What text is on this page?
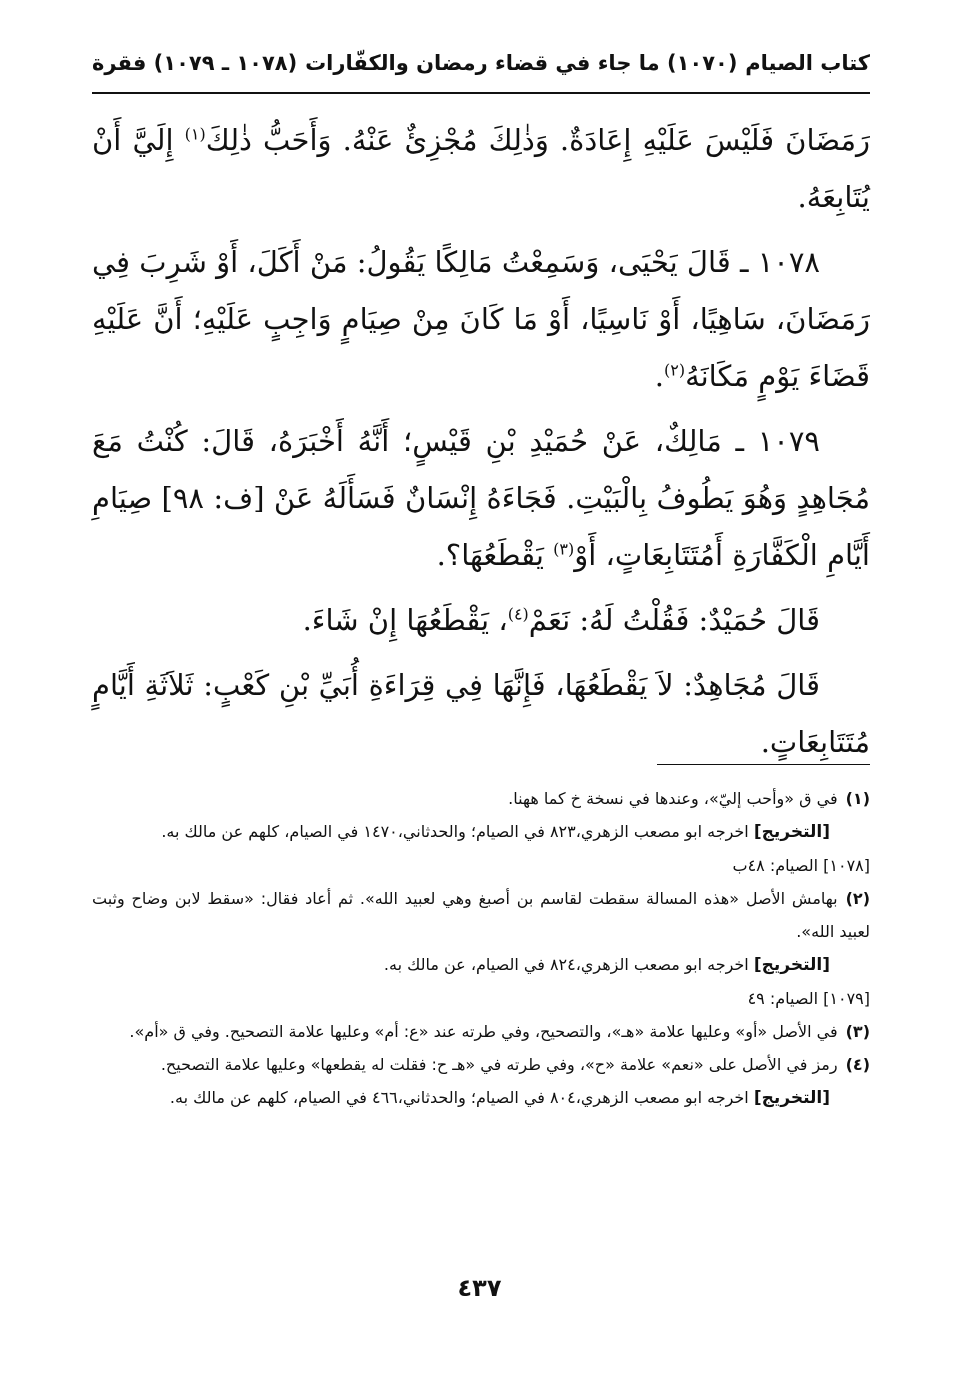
كتاب الصيام
(١٠٧٠) ما جاء في قضاء رمضان والكفّارات
(١٠٧٨ ـ ١٠٧٩) فقرة

رَمَضَانَ فَلَيْسَ عَلَيْهِ إِعَادَةٌ. وَذٰلِكَ مُجْزِئٌ عَنْهُ. وَأَحَبُّ ذٰلِكَ$^{(١)}$ إِلَيَّ أَنْ يُتَابِعَهُ.

١٠٧٨ ـ قَالَ يَحْيَى، وَسَمِعْتُ مَالِكًا يَقُولُ: مَنْ أَكَلَ، أَوْ شَرِبَ فِي رَمَضَانَ، سَاهِيًا، أَوْ نَاسِيًا، أَوْ مَا كَانَ مِنْ صِيَامٍ وَاجِبٍ عَلَيْهِ؛ أَنَّ عَلَيْهِ قَضَاءَ يَوْمٍ مَكَانَهُ$^{(٢)}$.

١٠٧٩ ـ مَالِكٌ، عَنْ حُمَيْدِ بْنِ قَيْسٍ؛ أَنَّهُ أَخْبَرَهُ، قَالَ: كُنْتُ مَعَ مُجَاهِدٍ وَهُوَ يَطُوفُ بِالْبَيْتِ. فَجَاءَهُ إِنْسَانٌ فَسَأَلَهُ عَنْ [ف: ٩٨] صِيَامِ أَيَّامِ الْكَفَّارَةِ أَمُتَتَابِعَاتٍ، أَوْ$^{(٣)}$ يَقْطَعُهَا؟.

قَالَ حُمَيْدٌ: فَقُلْتُ لَهُ: نَعَمْ$^{(٤)}$، يَقْطَعُهَا إِنْ شَاءَ.

قَالَ مُجَاهِدٌ: لاَ يَقْطَعُهَا، فَإِنَّهَا فِي قِرَاءَةِ أُبَيِّ بْنِ كَعْبٍ: ثَلاَثَةِ أَيَّامٍ مُتَتَابِعَاتٍ.

(١)في ق «وأحب إليّ»، وعندها في نسخة خ كما ههنا.

[التخريج] اخرجه ابو مصعب الزهري،٨٢٣ في الصيام؛ والحدثاني،١٤٧٠ في الصيام، كلهم عن مالك به.

[١٠٧٨] الصيام: ٤٨ب

(٢)بهامش الأصل «هذه المسالة سقطت لقاسم بن أصبغ وهي لعبيد الله». ثم أعاد فقال: «سقط لابن وضاح وثبت لعبيد الله».

[التخريج] اخرجه ابو مصعب الزهري،٨٢٤ في الصيام، عن مالك به.

[١٠٧٩] الصيام: ٤٩

(٣)في الأصل «أو» وعليها علامة «هـ»، والتصحيح، وفي طرته عند «ع: أم» وعليها علامة التصحيح. وفي ق «أم».

(٤)رمز في الأصل على «نعم» علامة «ح»، وفي طرته في «هـ ح: فقلت له يقطعها» وعليها علامة التصحيح.

[التخريج] اخرجه ابو مصعب الزهري،٨٠٤ في الصيام؛ والحدثاني،٤٦٦ في الصيام، كلهم عن مالك به.

٤٣٧
